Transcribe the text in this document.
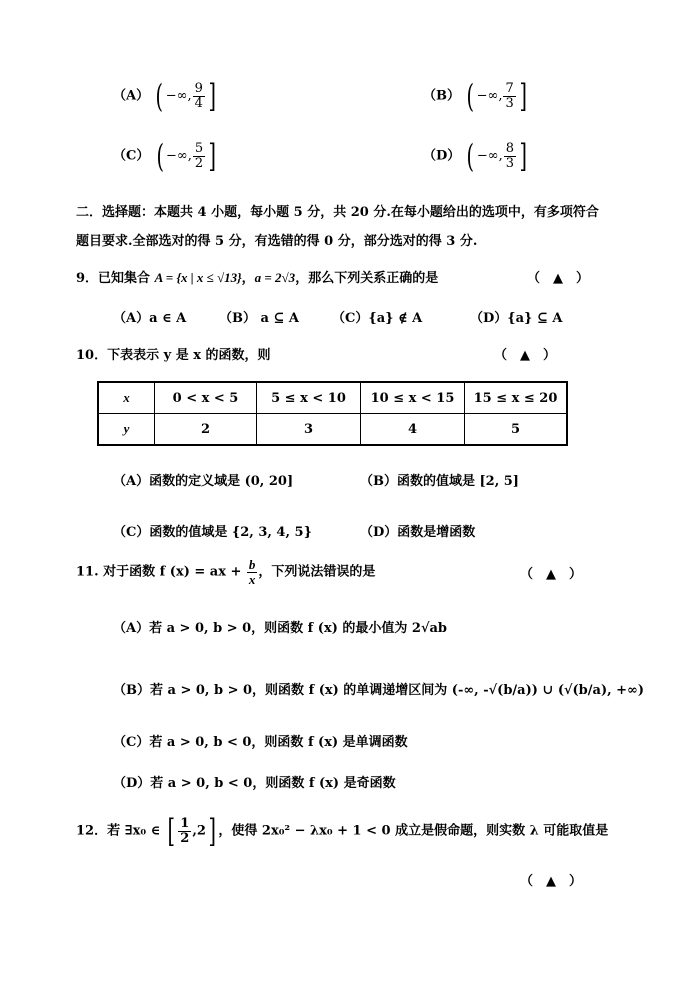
（A） ( −∞, $\frac{9}{4}$ ]	（B） ( −∞, $\frac{7}{3}$ ]
（C） ( −∞, $\frac{5}{2}$ ]	（D） ( −∞, $\frac{8}{3}$ ]
二．选择题：本题共 4 小题，每小题 5 分，共 20 分.在每小题给出的选项中，有多项符合
题目要求.全部选对的得 5 分，有选错的得 0 分，部分选对的得 3 分.
9．已知集合 A = {x | x ≤ √13}，a = 2√3，那么下列关系正确的是	（　▲　）
（A）a ∈ A	（B） a ⊆ A	（C）{a} ∉ A	（D）{a} ⊆ A
10．下表表示 y 是 x 的函数，则	（　▲　）
x	0 < x < 5	5 ≤ x < 10	10 ≤ x < 15	15 ≤ x ≤ 20
y	2	3	4	5
（A）函数的定义域是 (0, 20]	（B）函数的值域是 [2, 5]
（C）函数的值域是 {2, 3, 4, 5}	（D）函数是增函数
11. 对于函数 f (x) = ax + $\frac{b}{x}$ ，下列说法错误的是	（　▲　）
（A）若 a > 0, b > 0，则函数 f (x) 的最小值为 2√ab
（B）若 a > 0, b > 0，则函数 f (x) 的单调递增区间为 (-∞, -√(b/a)) ∪ (√(b/a), +∞)
（C）若 a > 0, b < 0，则函数 f (x) 是单调函数
（D）若 a > 0, b < 0，则函数 f (x) 是奇函数
12．若 ∃x₀ ∈ [ $\frac{1}{2} ,2$] ，使得 2x₀² − λx₀ + 1 < 0 成立是假命题，则实数 λ 可能取值是
（　▲　）
